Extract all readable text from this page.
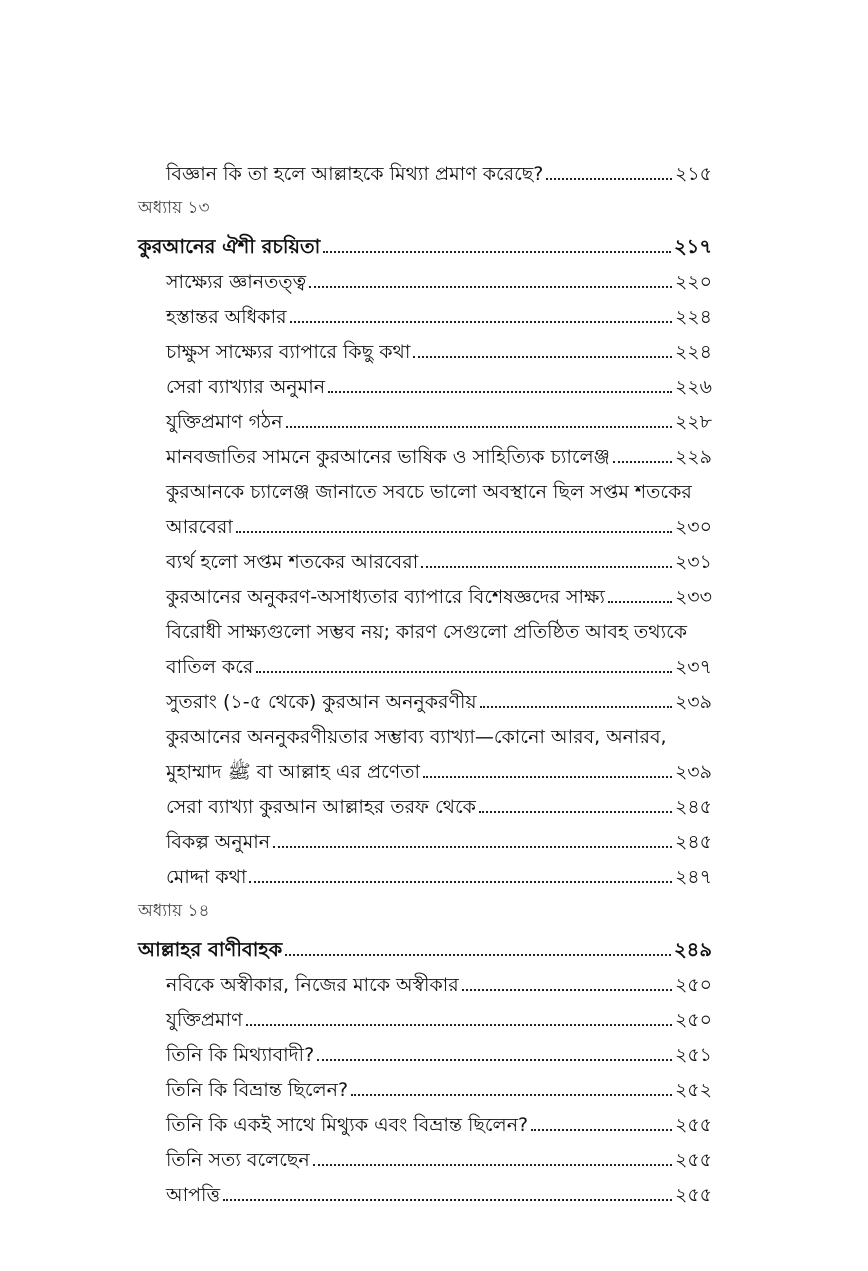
বিজ্ঞান কি তা হলে আল্লাহকে মিথ্যা প্রমাণ করেছে?	২১৫
অধ্যায় ১৩
কুরআনের ঐশী রচয়িতা	২১৭
সাক্ষ্যের জ্ঞানতত্ত্ব	২২০
হস্তান্তর অধিকার	২২৪
চাক্ষুস সাক্ষ্যের ব্যাপারে কিছু কথা	২২৪
সেরা ব্যাখ্যার অনুমান	২২৬
যুক্তিপ্রমাণ গঠন	২২৮
মানবজাতির সামনে কুরআনের ভাষিক ও সাহিত্যিক চ্যালেঞ্জ	২২৯
কুরআনকে চ্যালেঞ্জ জানাতে সবচে ভালো অবস্থানে ছিল সপ্তম শতকের
আরবেরা	২৩০
ব্যর্থ হলো সপ্তম শতকের আরবেরা	২৩১
কুরআনের অনুকরণ-অসাধ্যতার ব্যাপারে বিশেষজ্ঞদের সাক্ষ্য	২৩৩
বিরোধী সাক্ষ্যগুলো সম্ভব নয়; কারণ সেগুলো প্রতিষ্ঠিত আবহ তথ্যকে
বাতিল করে	২৩৭
সুতরাং (১-৫ থেকে) কুরআন অননুকরণীয়	২৩৯
কুরআনের অননুকরণীয়তার সম্ভাব্য ব্যাখ্যা—কোনো আরব, অনারব,
মুহাম্মাদ ﷺ বা আল্লাহ এর প্রণেতা	২৩৯
সেরা ব্যাখ্যা কুরআন আল্লাহর তরফ থেকে	২৪৫
বিকল্প অনুমান	২৪৫
মোদ্দা কথা	২৪৭
অধ্যায় ১৪
আল্লাহর বাণীবাহক	২৪৯
নবিকে অস্বীকার, নিজের মাকে অস্বীকার	২৫০
যুক্তিপ্রমাণ	২৫০
তিনি কি মিথ্যাবাদী?	২৫১
তিনি কি বিভ্রান্ত ছিলেন?	২৫২
তিনি কি একই সাথে মিথ্যুক এবং বিভ্রান্ত ছিলেন?	২৫৫
তিনি সত্য বলেছেন	২৫৫
আপত্তি	২৫৫
